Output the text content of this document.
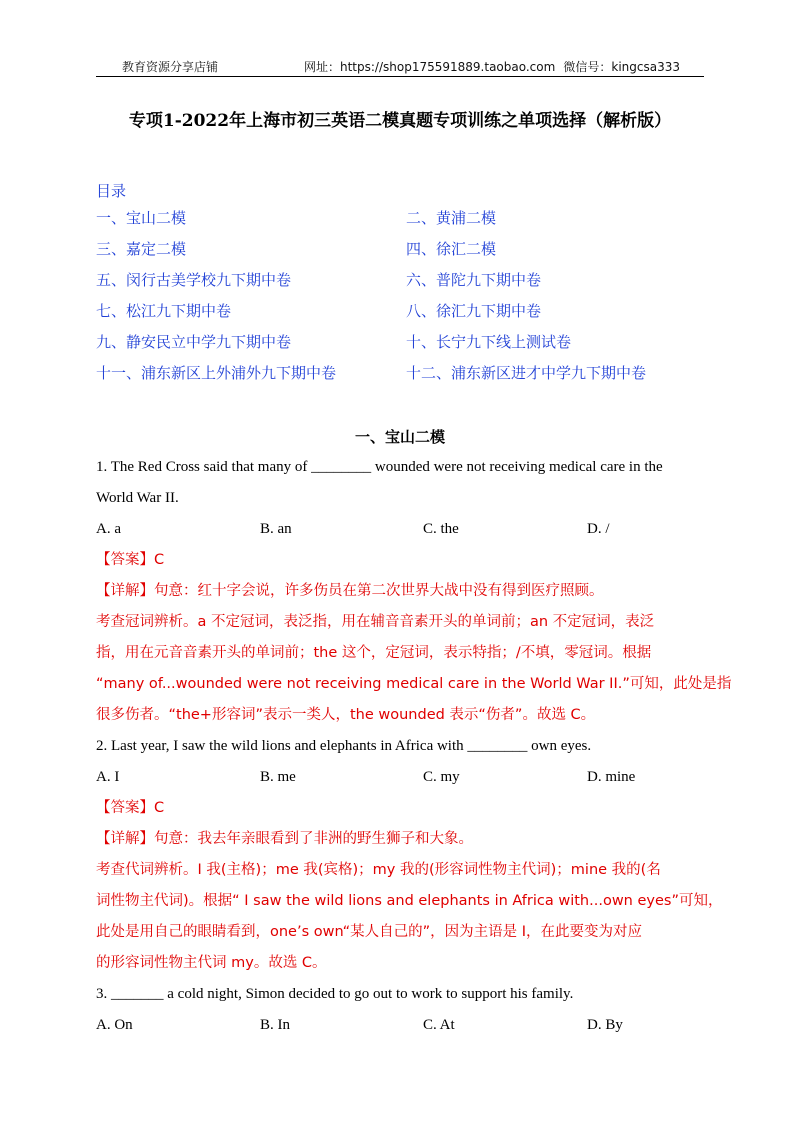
教育资源分享店铺	网址：https://shop175591889.taobao.com 微信号：kingcsa333
专项1-2022年上海市初三英语二模真题专项训练之单项选择（解析版）
目录
一、宝山二模	二、黄浦二模
三、嘉定二模	四、徐汇二模
五、闵行古美学校九下期中卷	六、普陀九下期中卷
七、松江九下期中卷	八、徐汇九下期中卷
九、静安民立中学九下期中卷	十、长宁九下线上测试卷
十一、浦东新区上外浦外九下期中卷	十二、浦东新区进才中学九下期中卷
一、宝山二模
1. The Red Cross said that many of ________ wounded were not receiving medical care in the
World War II.
A. a	B. an	C. the	D. /
【答案】C
【详解】句意：红十字会说，许多伤员在第二次世界大战中没有得到医疗照顾。
考查冠词辨析。a 不定冠词，表泛指，用在辅音音素开头的单词前；an 不定冠词，表泛
指，用在元音音素开头的单词前；the 这个，定冠词，表示特指；/不填，零冠词。根据
“many of...wounded were not receiving medical care in the World War II.”可知，此处是指
很多伤者。“the+形容词”表示一类人，the wounded 表示“伤者”。故选 C。
2. Last year, I saw the wild lions and elephants in Africa with ________ own eyes.
A. I	B. me	C. my	D. mine
【答案】C
【详解】句意：我去年亲眼看到了非洲的野生狮子和大象。
考查代词辨析。I 我(主格)；me 我(宾格)；my 我的(形容词性物主代词)；mine 我的(名
词性物主代词)。根据“ I saw the wild lions and elephants in Africa with...own eyes”可知，
此处是用自己的眼睛看到，one’s own“某人自己的”，因为主语是 I，在此要变为对应
的形容词性物主代词 my。故选 C。
3. _______ a cold night, Simon decided to go out to work to support his family.
A. On	B. In	C. At	D. By
